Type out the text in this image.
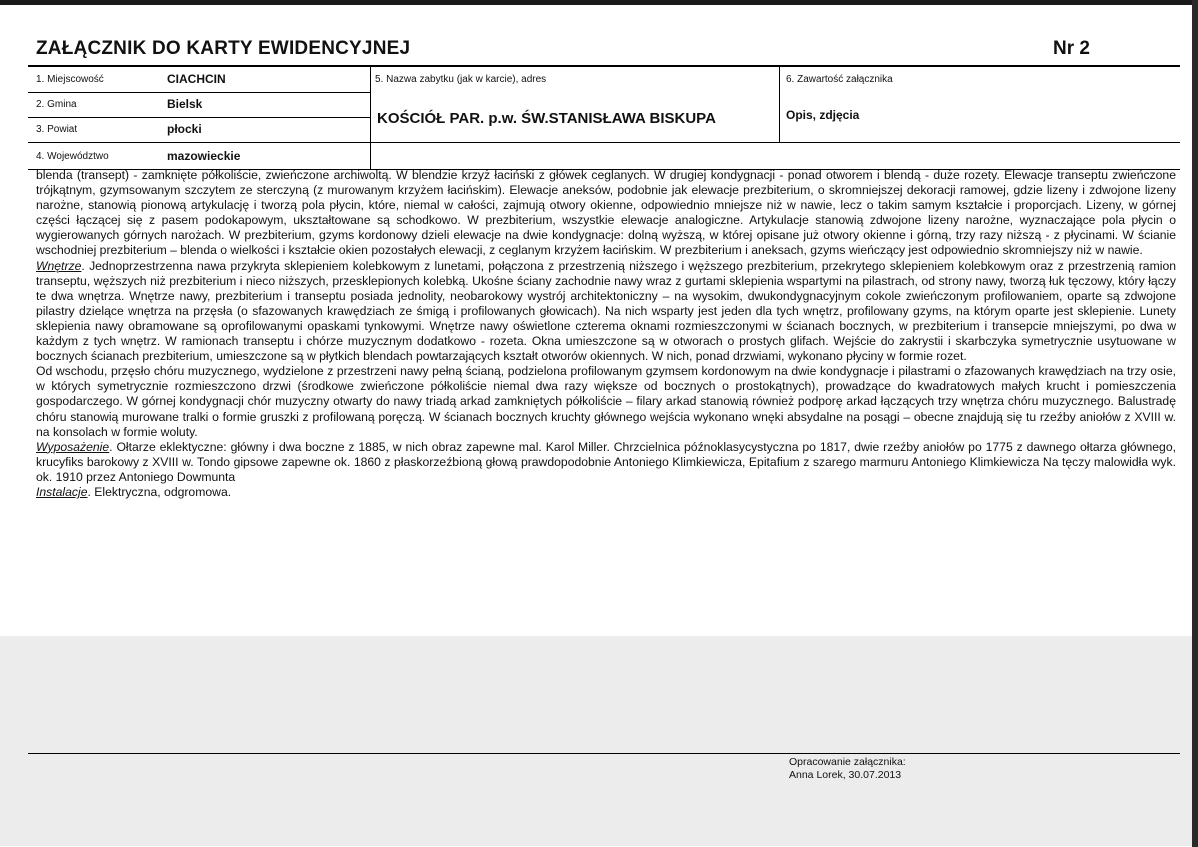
ZAŁĄCZNIK DO KARTY EWIDENCYJNEJ	Nr 2
1. Miejscowość	CIACHCIN
2. Gmina	Bielsk
3. Powiat	płocki
4. Województwo	mazowieckie
5. Nazwa zabytku (jak w karcie), adres
KOŚCIÓŁ PAR. p.w. ŚW.STANISŁAWA BISKUPA
6. Zawartość załącznika
Opis, zdjęcia

blenda (transept) - zamknięte półkoliście, zwieńczone archiwoltą. W blendzie krzyż łaciński z główek ceglanych. W drugiej kondygnacji - ponad otworem i blendą - duże rozety. Elewacje transeptu zwieńczone trójkątnym, gzymsowanym szczytem ze sterczyną (z murowanym krzyżem łacińskim). Elewacje aneksów, podobnie jak elewacje prezbiterium, o skromniejszej dekoracji ramowej, gdzie lizeny i zdwojone lizeny narożne, stanowią pionową artykulację i tworzą pola płycin, które, niemal w całości, zajmują otwory okienne, odpowiednio mniejsze niż w nawie, lecz o takim samym kształcie i proporcjach. Lizeny, w górnej części łączącej się z pasem podokapowym, ukształtowane są schodkowo. W prezbiterium, wszystkie elewacje analogiczne. Artykulacje stanowią zdwojone lizeny narożne, wyznaczające pola płycin o wygierowanych górnych narożach. W prezbiterium, gzyms kordonowy dzieli elewacje na dwie kondygnacje: dolną wyższą, w której opisane już otwory okienne i górną, trzy razy niższą - z płycinami. W ścianie wschodniej prezbiterium – blenda o wielkości i kształcie okien pozostałych elewacji, z ceglanym krzyżem łacińskim. W prezbiterium i aneksach, gzyms wieńczący jest odpowiednio skromniejszy niż w nawie.

Wnętrze. Jednoprzestrzenna nawa przykryta sklepieniem kolebkowym z lunetami, połączona z przestrzenią niższego i węższego prezbiterium, przekrytego sklepieniem kolebkowym oraz z przestrzenią ramion transeptu, węższych niż prezbiterium i nieco niższych, przesklepionych kolebką. Ukośne ściany zachodnie nawy wraz z gurtami sklepienia wspartymi na pilastrach, od strony nawy, tworzą łuk tęczowy, który łączy te dwa wnętrza. Wnętrze nawy, prezbiterium i transeptu posiada jednolity, neobarokowy wystrój architektoniczny – na wysokim, dwukondygnacyjnym cokole zwieńczonym profilowaniem, oparte są zdwojone pilastry dzielące wnętrza na przęsła (o sfazowanych krawędziach ze śmigą i profilowanych głowicach). Na nich wsparty jest jeden dla tych wnętrz, profilowany gzyms, na którym oparte jest sklepienie. Lunety sklepienia nawy obramowane są oprofilowanymi opaskami tynkowymi. Wnętrze nawy oświetlone czterema oknami rozmieszczonymi w ścianach bocznych, w prezbiterium i transepcie mniejszymi, po dwa w każdym z tych wnętrz. W ramionach transeptu i chórze muzycznym dodatkowo - rozeta. Okna umieszczone są w otworach o prostych glifach. Wejście do zakrystii i skarbczyka symetrycznie usytuowane w bocznych ścianach prezbiterium, umieszczone są w płytkich blendach powtarzających kształt otworów okiennych. W nich, ponad drzwiami, wykonano płyciny w formie rozet.

Od wschodu, przęsło chóru muzycznego, wydzielone z przestrzeni nawy pełną ścianą, podzielona profilowanym gzymsem kordonowym na dwie kondygnacje i pilastrami o zfazowanych krawędziach na trzy osie, w których symetrycznie rozmieszczono drzwi (środkowe zwieńczone półkoliście niemal dwa razy większe od bocznych o prostokątnych), prowadzące do kwadratowych małych krucht i pomieszczenia gospodarczego. W górnej kondygnacji chór muzyczny otwarty do nawy triadą arkad zamkniętych półkoliście – filary arkad stanowią również podporę arkad łączących trzy wnętrza chóru muzycznego. Balustradę chóru stanowią murowane tralki o formie gruszki z profilowaną poręczą. W ścianach bocznych kruchty głównego wejścia wykonano wnęki absydalne na posągi – obecne znajdują się tu rzeźby aniołów z XVIII w. na konsolach w formie woluty.

Wyposażenie. Ołtarze eklektyczne: główny i dwa boczne z 1885, w nich obraz zapewne mal. Karol Miller. Chrzcielnica późnoklasycystyczna po 1817, dwie rzeźby aniołów po 1775 z dawnego ołtarza głównego, krucyfiks barokowy z XVIII w. Tondo gipsowe zapewne ok. 1860 z płaskorzeźbioną głową prawdopodobnie Antoniego Klimkiewicza, Epitafium z szarego marmuru Antoniego Klimkiewicza Na tęczy malowidła wyk. ok. 1910 przez Antoniego Dowmunta

Instalacje. Elektryczna, odgromowa.

Opracowanie załącznika:
Anna Lorek, 30.07.2013
